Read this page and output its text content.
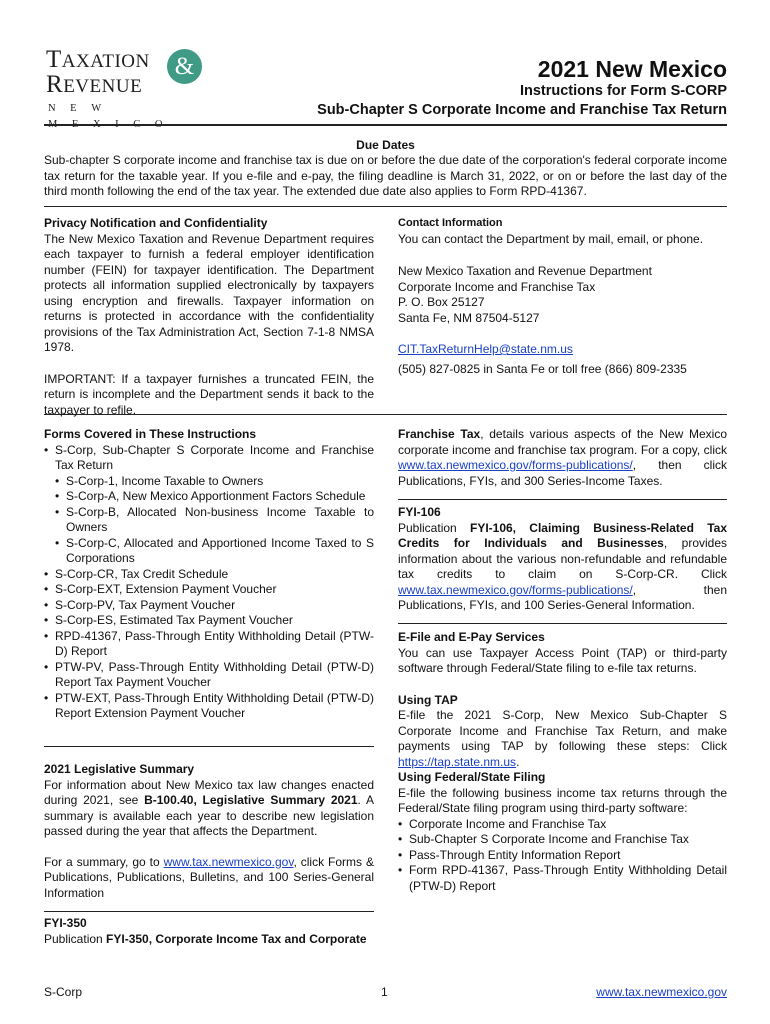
TAXATION	&
REVENUE
NEW MEXICO
2021 New Mexico
Instructions for Form S-CORP
Sub-Chapter S Corporate Income and Franchise Tax Return
Due Dates
Sub-chapter S corporate income and franchise tax is due on or before the due date of the corporation's federal corporate income tax return for the taxable year. If you e-file and e-pay, the filing deadline is March 31, 2022, or on or before the last day of the third month following the end of the tax year. The extended due date also applies to Form RPD-41367.
Privacy Notification and Confidentiality
The New Mexico Taxation and Revenue Department requires each taxpayer to furnish a federal employer identification number (FEIN) for taxpayer identification. The Department protects all information supplied electronically by taxpayers using encryption and firewalls. Taxpayer information on returns is protected in accordance with the confidentiality provisions of the Tax Administration Act, Section 7-1-8 NMSA 1978.
IMPORTANT: If a taxpayer furnishes a truncated FEIN, the return is incomplete and the Department sends it back to the taxpayer to refile.
Contact Information
You can contact the Department by mail, email, or phone.
New Mexico Taxation and Revenue Department
Corporate Income and Franchise Tax
P. O. Box 25127
Santa Fe, NM 87504-5127
CIT.TaxReturnHelp@state.nm.us
(505) 827-0825 in Santa Fe or toll free (866) 809-2335
Forms Covered in These Instructions
• S-Corp, Sub-Chapter S Corporate Income and Franchise Tax Return
• S-Corp-1, Income Taxable to Owners
• S-Corp-A, New Mexico Apportionment Factors Schedule
• S-Corp-B, Allocated Non-business Income Taxable to Owners
• S-Corp-C, Allocated and Apportioned Income Taxed to S Corporations
• S-Corp-CR, Tax Credit Schedule
• S-Corp-EXT, Extension Payment Voucher
• S-Corp-PV, Tax Payment Voucher
• S-Corp-ES, Estimated Tax Payment Voucher
• RPD-41367, Pass-Through Entity Withholding Detail (PTW-D) Report
• PTW-PV, Pass-Through Entity Withholding Detail (PTW-D) Report Tax Payment Voucher
• PTW-EXT, Pass-Through Entity Withholding Detail (PTW-D) Report Extension Payment Voucher
2021 Legislative Summary
For information about New Mexico tax law changes enacted during 2021, see B-100.40, Legislative Summary 2021. A summary is available each year to describe new legislation passed during the year that affects the Department.
For a summary, go to www.tax.newmexico.gov, click Forms & Publications, Publications, Bulletins, and 100 Series-General Information
FYI-350
Publication FYI-350, Corporate Income Tax and Corporate
Franchise Tax, details various aspects of the New Mexico corporate income and franchise tax program. For a copy, click www.tax.newmexico.gov/forms-publications/, then click Publications, FYIs, and 300 Series-Income Taxes.
FYI-106
Publication FYI-106, Claiming Business-Related Tax Credits for Individuals and Businesses, provides information about the various non-refundable and refundable tax credits to claim on S-Corp-CR. Click www.tax.newmexico.gov/forms-publications/, then Publications, FYIs, and 100 Series-General Information.
E-File and E-Pay Services
You can use Taxpayer Access Point (TAP) or third-party software through Federal/State filing to e-file tax returns.
Using TAP
E-file the 2021 S-Corp, New Mexico Sub-Chapter S Corporate Income and Franchise Tax Return, and make payments using TAP by following these steps: Click https://tap.state.nm.us.
Using Federal/State Filing
E-file the following business income tax returns through the Federal/State filing program using third-party software:
• Corporate Income and Franchise Tax
• Sub-Chapter S Corporate Income and Franchise Tax
• Pass-Through Entity Information Report
• Form RPD-41367, Pass-Through Entity Withholding Detail (PTW-D) Report
S-Corp	1	www.tax.newmexico.gov
